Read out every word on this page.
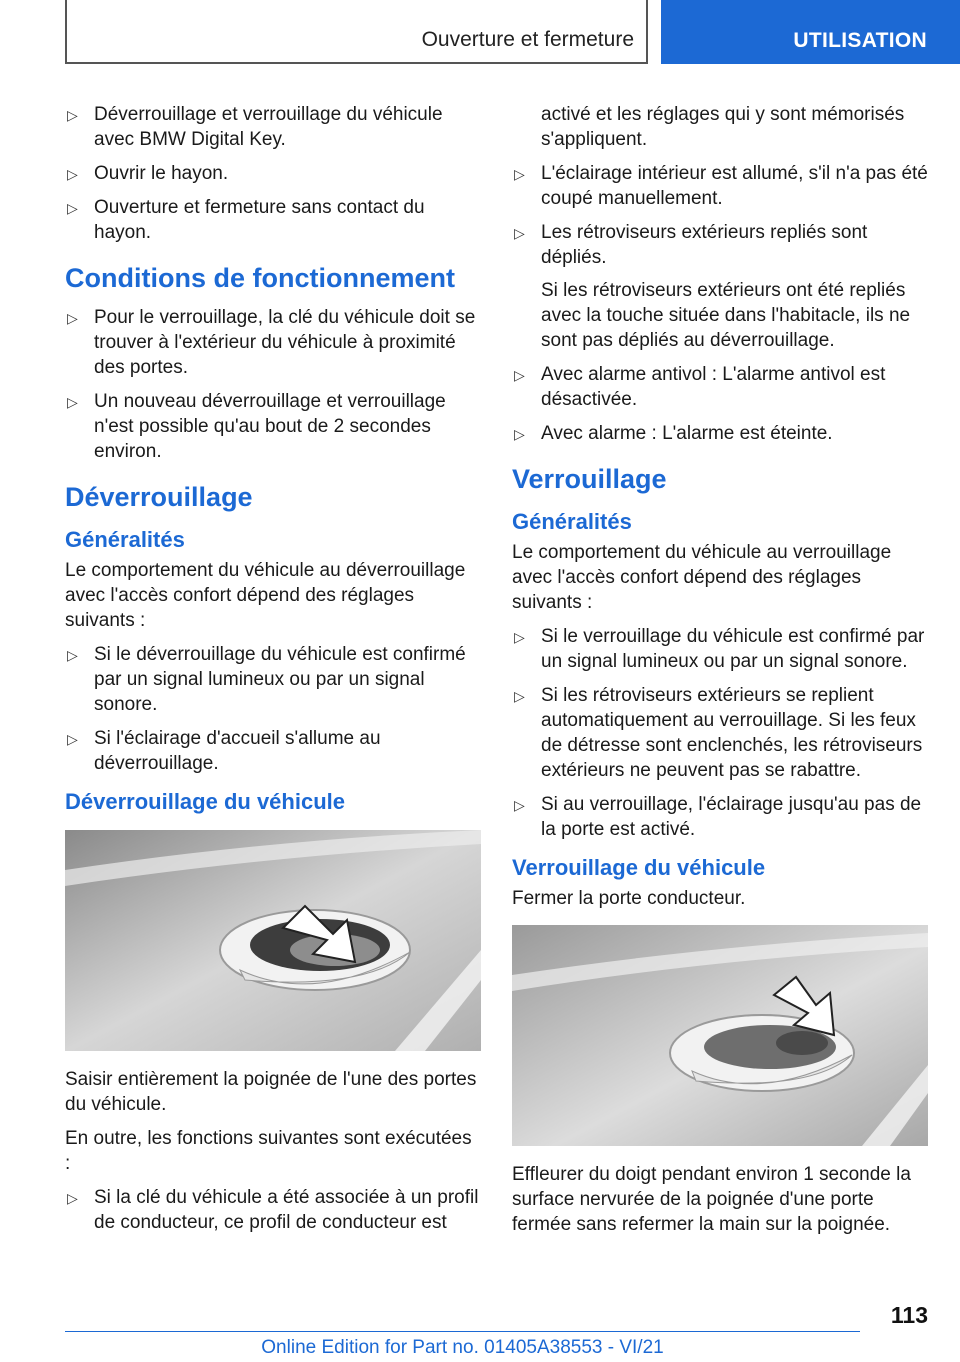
Ouverture et fermeture	UTILISATION
▷ Déverrouillage et verrouillage du véhicule avec BMW Digital Key.
▷ Ouvrir le hayon.
▷ Ouverture et fermeture sans contact du hayon.
Conditions de fonctionnement
▷ Pour le verrouillage, la clé du véhicule doit se trouver à l'extérieur du véhicule à proximité des portes.
▷ Un nouveau déverrouillage et verrouillage n'est possible qu'au bout de 2 secondes environ.
Déverrouillage
Généralités

Le comportement du véhicule au déverrouillage avec l'accès confort dépend des réglages suivants :

▷ Si le déverrouillage du véhicule est confirmé par un signal lumineux ou par un signal sonore.
▷ Si l'éclairage d'accueil s'allume au déverrouillage.
Déverrouillage du véhicule

Saisir entièrement la poignée de l'une des portes du véhicule.

En outre, les fonctions suivantes sont exécutées :

▷ Si la clé du véhicule a été associée à un profil de conducteur, ce profil de conducteur est

activé et les réglages qui y sont mémorisés s'appliquent.

▷ L'éclairage intérieur est allumé, s'il n'a pas été coupé manuellement.
▷ Les rétroviseurs extérieurs repliés sont dépliés.
Si les rétroviseurs extérieurs ont été repliés avec la touche située dans l'habitacle, ils ne sont pas dépliés au déverrouillage.
▷ Avec alarme antivol : L'alarme antivol est désactivée.
▷ Avec alarme : L'alarme est éteinte.
Verrouillage
Généralités

Le comportement du véhicule au verrouillage avec l'accès confort dépend des réglages suivants :

▷ Si le verrouillage du véhicule est confirmé par un signal lumineux ou par un signal sonore.
▷ Si les rétroviseurs extérieurs se replient automatiquement au verrouillage. Si les feux de détresse sont enclenchés, les rétroviseurs extérieurs ne peuvent pas se rabattre.
▷ Si au verrouillage, l'éclairage jusqu'au pas de la porte est activé.
Verrouillage du véhicule

Fermer la porte conducteur.

Effleurer du doigt pendant environ 1 seconde la surface nervurée de la poignée d'une porte fermée sans refermer la main sur la poignée.

113
Online Edition for Part no. 01405A38553 - VI/21
